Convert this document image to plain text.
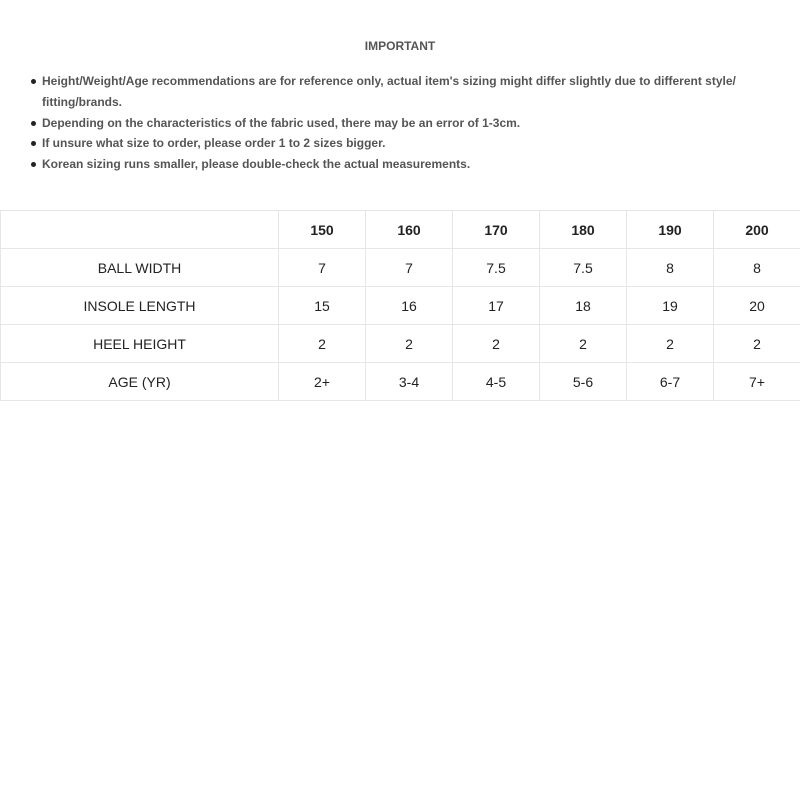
IMPORTANT
Height/Weight/Age recommendations are for reference only, actual item's sizing might differ slightly due to different style/ fitting/brands.
Depending on the characteristics of the fabric used, there may be an error of 1-3cm.
If unsure what size to order, please order 1 to 2 sizes bigger.
Korean sizing runs smaller, please double-check the actual measurements.
	150	160	170	180	190	200
BALL WIDTH	7	7	7.5	7.5	8	8
INSOLE LENGTH	15	16	17	18	19	20
HEEL HEIGHT	2	2	2	2	2	2
AGE (YR)	2+	3-4	4-5	5-6	6-7	7+
